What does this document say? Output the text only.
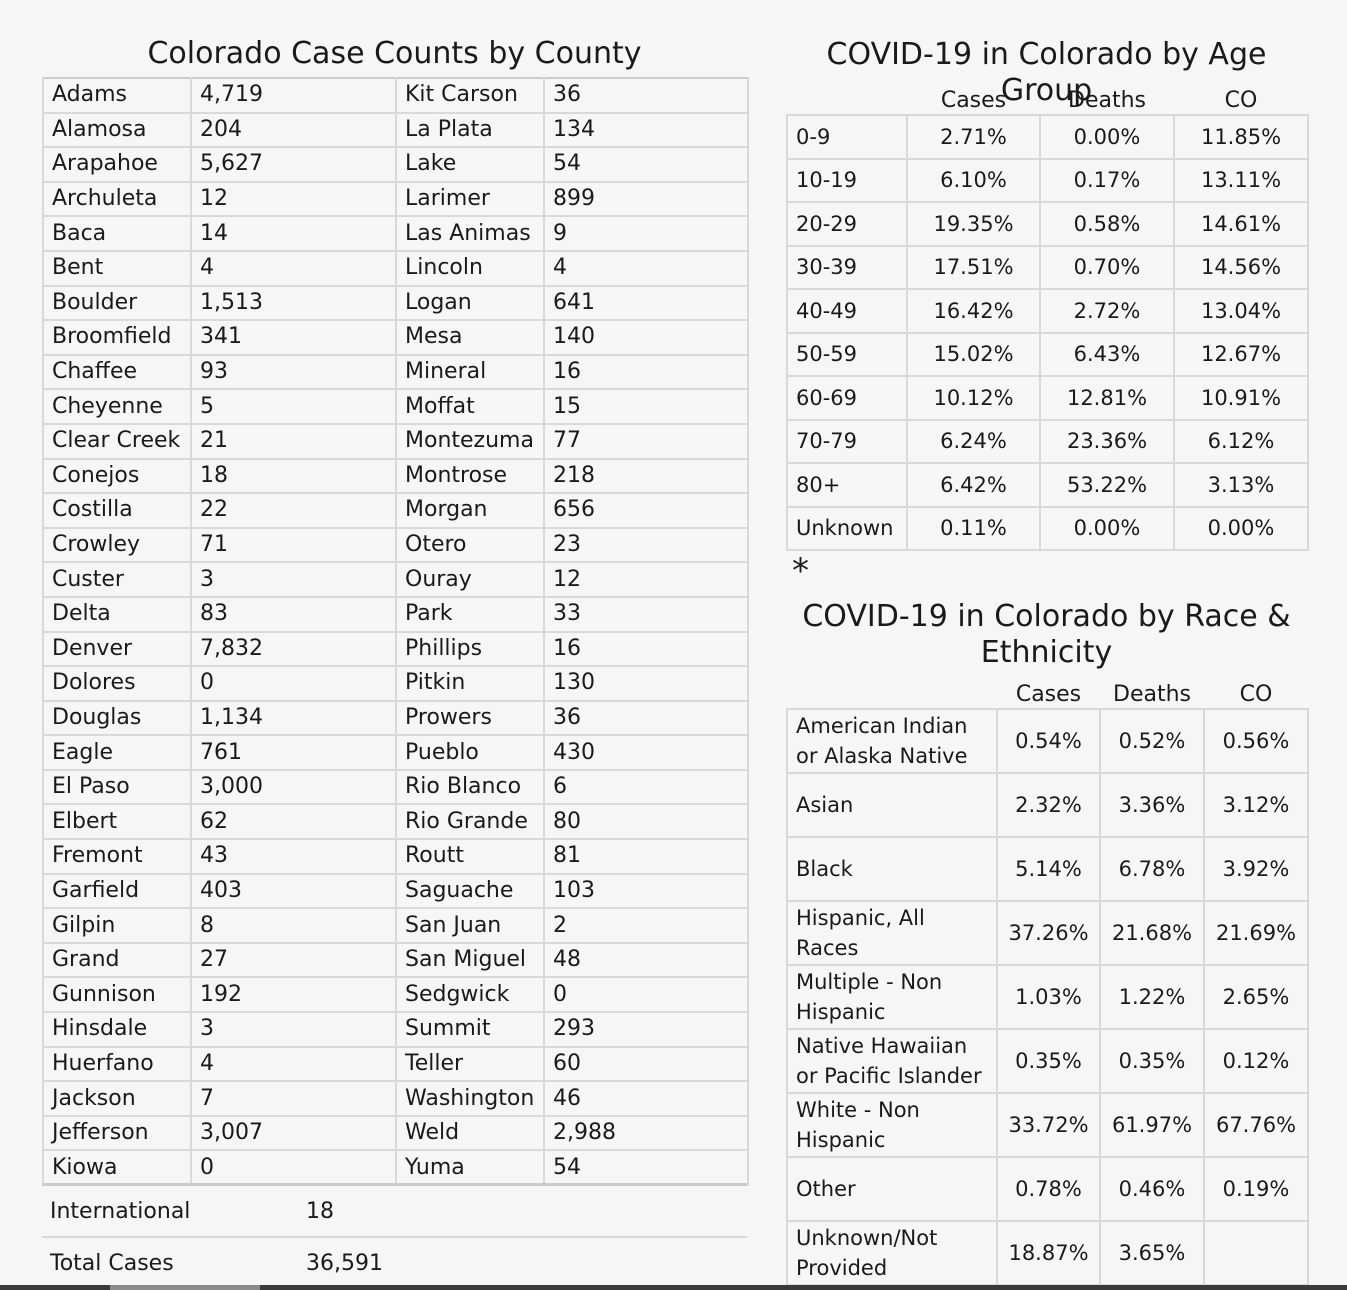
Colorado Case Counts by County
Adams	4,719	Kit Carson	36
Alamosa	204	La Plata	134
Arapahoe	5,627	Lake	54
Archuleta	12	Larimer	899
Baca	14	Las Animas	9
Bent	4	Lincoln	4
Boulder	1,513	Logan	641
Broomfield	341	Mesa	140
Chaffee	93	Mineral	16
Cheyenne	5	Moffat	15
Clear Creek	21	Montezuma	77
Conejos	18	Montrose	218
Costilla	22	Morgan	656
Crowley	71	Otero	23
Custer	3	Ouray	12
Delta	83	Park	33
Denver	7,832	Phillips	16
Dolores	0	Pitkin	130
Douglas	1,134	Prowers	36
Eagle	761	Pueblo	430
El Paso	3,000	Rio Blanco	6
Elbert	62	Rio Grande	80
Fremont	43	Routt	81
Garfield	403	Saguache	103
Gilpin	8	San Juan	2
Grand	27	San Miguel	48
Gunnison	192	Sedgwick	0
Hinsdale	3	Summit	293
Huerfano	4	Teller	60
Jackson	7	Washington	46
Jefferson	3,007	Weld	2,988
Kiowa	0	Yuma	54
International	18
Total Cases	36,591
COVID-19 in Colorado by Age Group
	Cases	Deaths	CO
0-9	2.71%	0.00%	11.85%
10-19	6.10%	0.17%	13.11%
20-29	19.35%	0.58%	14.61%
30-39	17.51%	0.70%	14.56%
40-49	16.42%	2.72%	13.04%
50-59	15.02%	6.43%	12.67%
60-69	10.12%	12.81%	10.91%
70-79	6.24%	23.36%	6.12%
80+	6.42%	53.22%	3.13%
Unknown	0.11%	0.00%	0.00%
*
COVID-19 in Colorado by Race &
Ethnicity
	Cases	Deaths	CO
American Indian or Alaska Native	0.54%	0.52%	0.56%
Asian	2.32%	3.36%	3.12%
Black	5.14%	6.78%	3.92%
Hispanic, All Races	37.26%	21.68%	21.69%
Multiple - Non Hispanic	1.03%	1.22%	2.65%
Native Hawaiian or Pacific Islander	0.35%	0.35%	0.12%
White - Non Hispanic	33.72%	61.97%	67.76%
Other	0.78%	0.46%	0.19%
Unknown/Not Provided	18.87%	3.65%	
